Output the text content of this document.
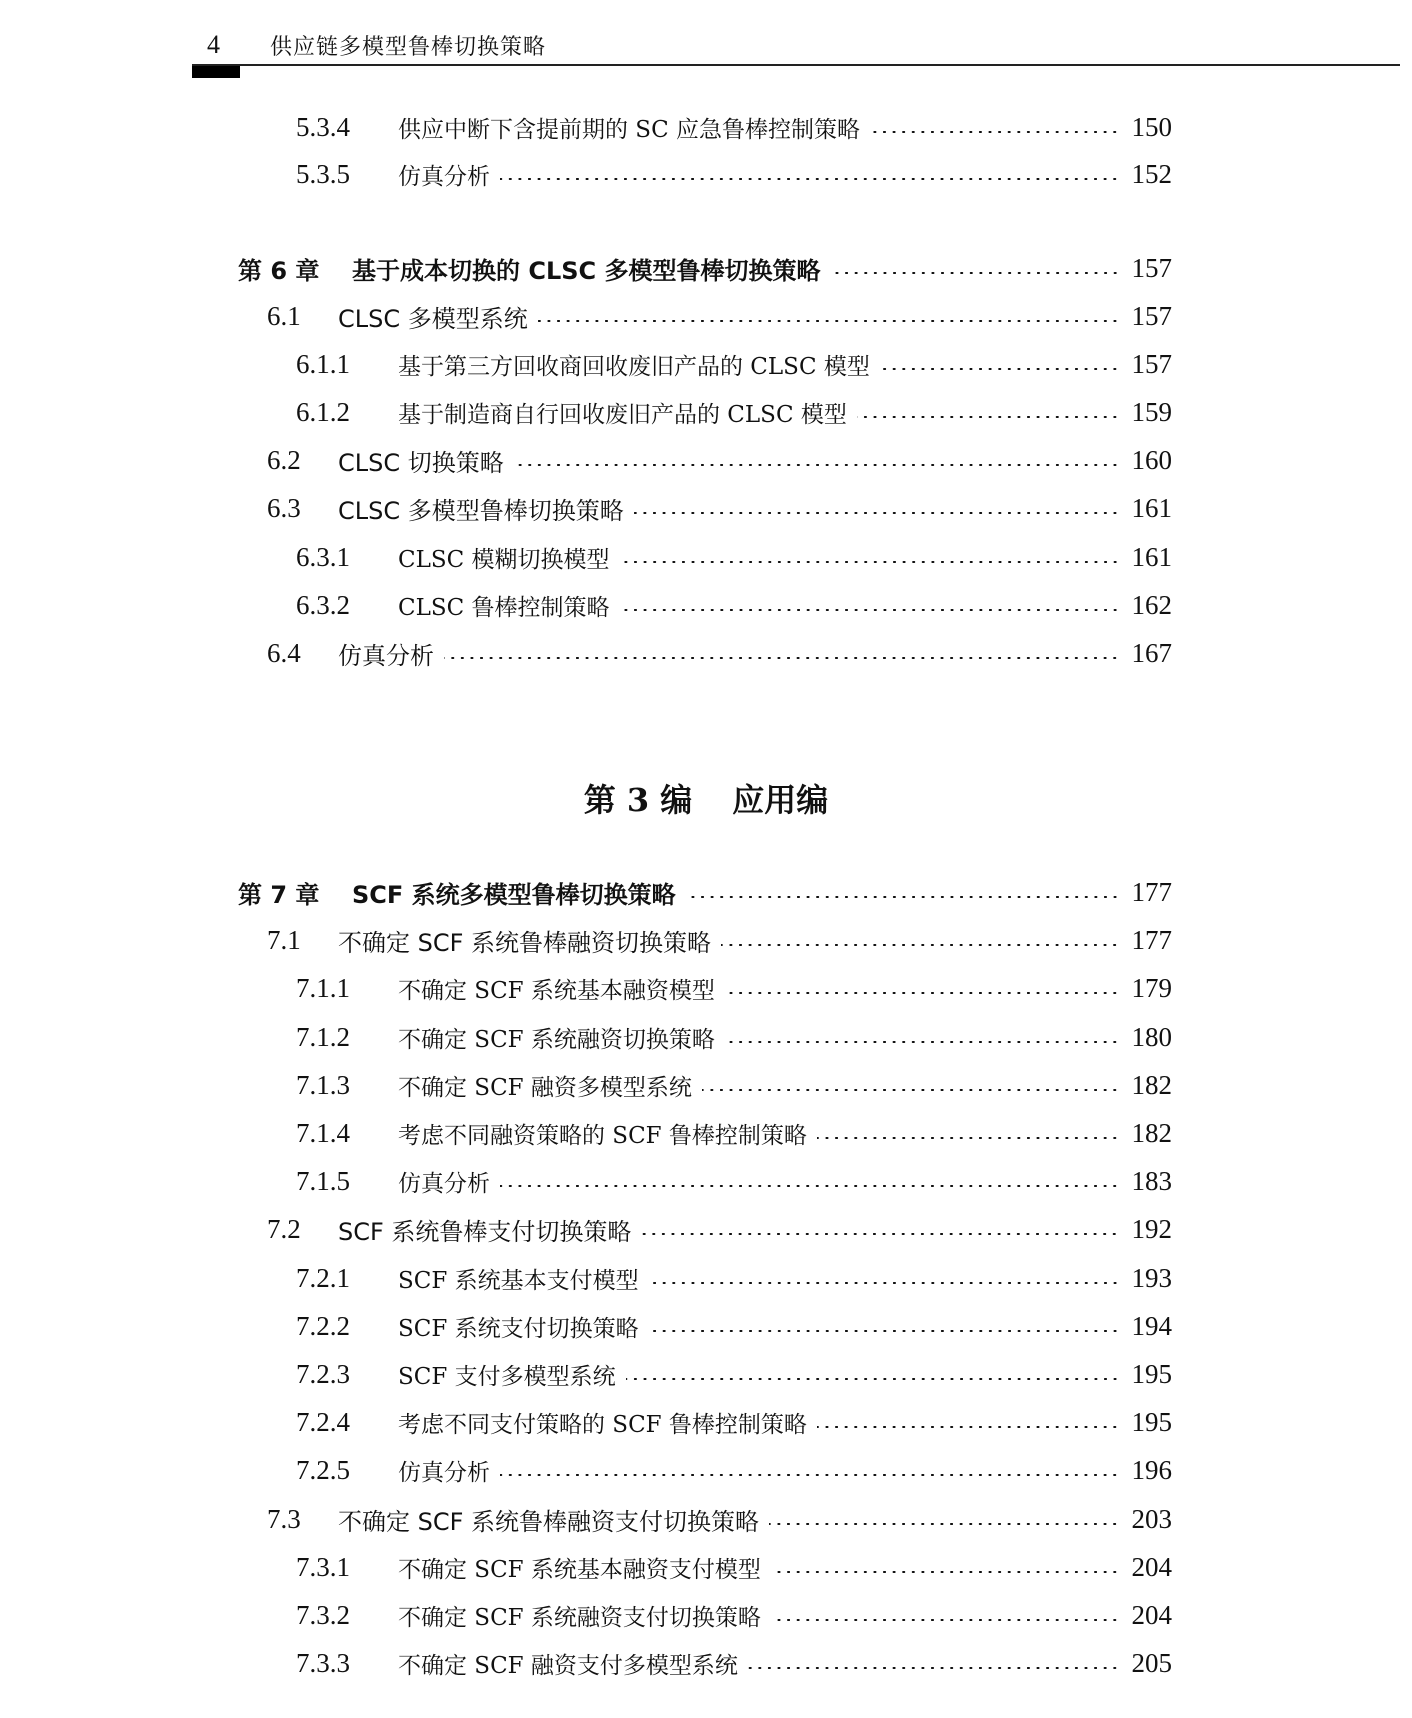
4 供应链多模型鲁棒切换策略
5.3.4 供应中断下含提前期的 SC 应急鲁棒控制策略	150
5.3.5 仿真分析	152
第 6 章 基于成本切换的 CLSC 多模型鲁棒切换策略	157
6.1 CLSC 多模型系统	157
6.1.1 基于第三方回收商回收废旧产品的 CLSC 模型	157
6.1.2 基于制造商自行回收废旧产品的 CLSC 模型	159
6.2 CLSC 切换策略	160
6.3 CLSC 多模型鲁棒切换策略	161
6.3.1 CLSC 模糊切换模型	161
6.3.2 CLSC 鲁棒控制策略	162
6.4 仿真分析	167
第 3 编 应用编
第 7 章 SCF 系统多模型鲁棒切换策略	177
7.1 不确定 SCF 系统鲁棒融资切换策略	177
7.1.1 不确定 SCF 系统基本融资模型	179
7.1.2 不确定 SCF 系统融资切换策略	180
7.1.3 不确定 SCF 融资多模型系统	182
7.1.4 考虑不同融资策略的 SCF 鲁棒控制策略	182
7.1.5 仿真分析	183
7.2 SCF 系统鲁棒支付切换策略	192
7.2.1 SCF 系统基本支付模型	193
7.2.2 SCF 系统支付切换策略	194
7.2.3 SCF 支付多模型系统	195
7.2.4 考虑不同支付策略的 SCF 鲁棒控制策略	195
7.2.5 仿真分析	196
7.3 不确定 SCF 系统鲁棒融资支付切换策略	203
7.3.1 不确定 SCF 系统基本融资支付模型	204
7.3.2 不确定 SCF 系统融资支付切换策略	204
7.3.3 不确定 SCF 融资支付多模型系统	205
